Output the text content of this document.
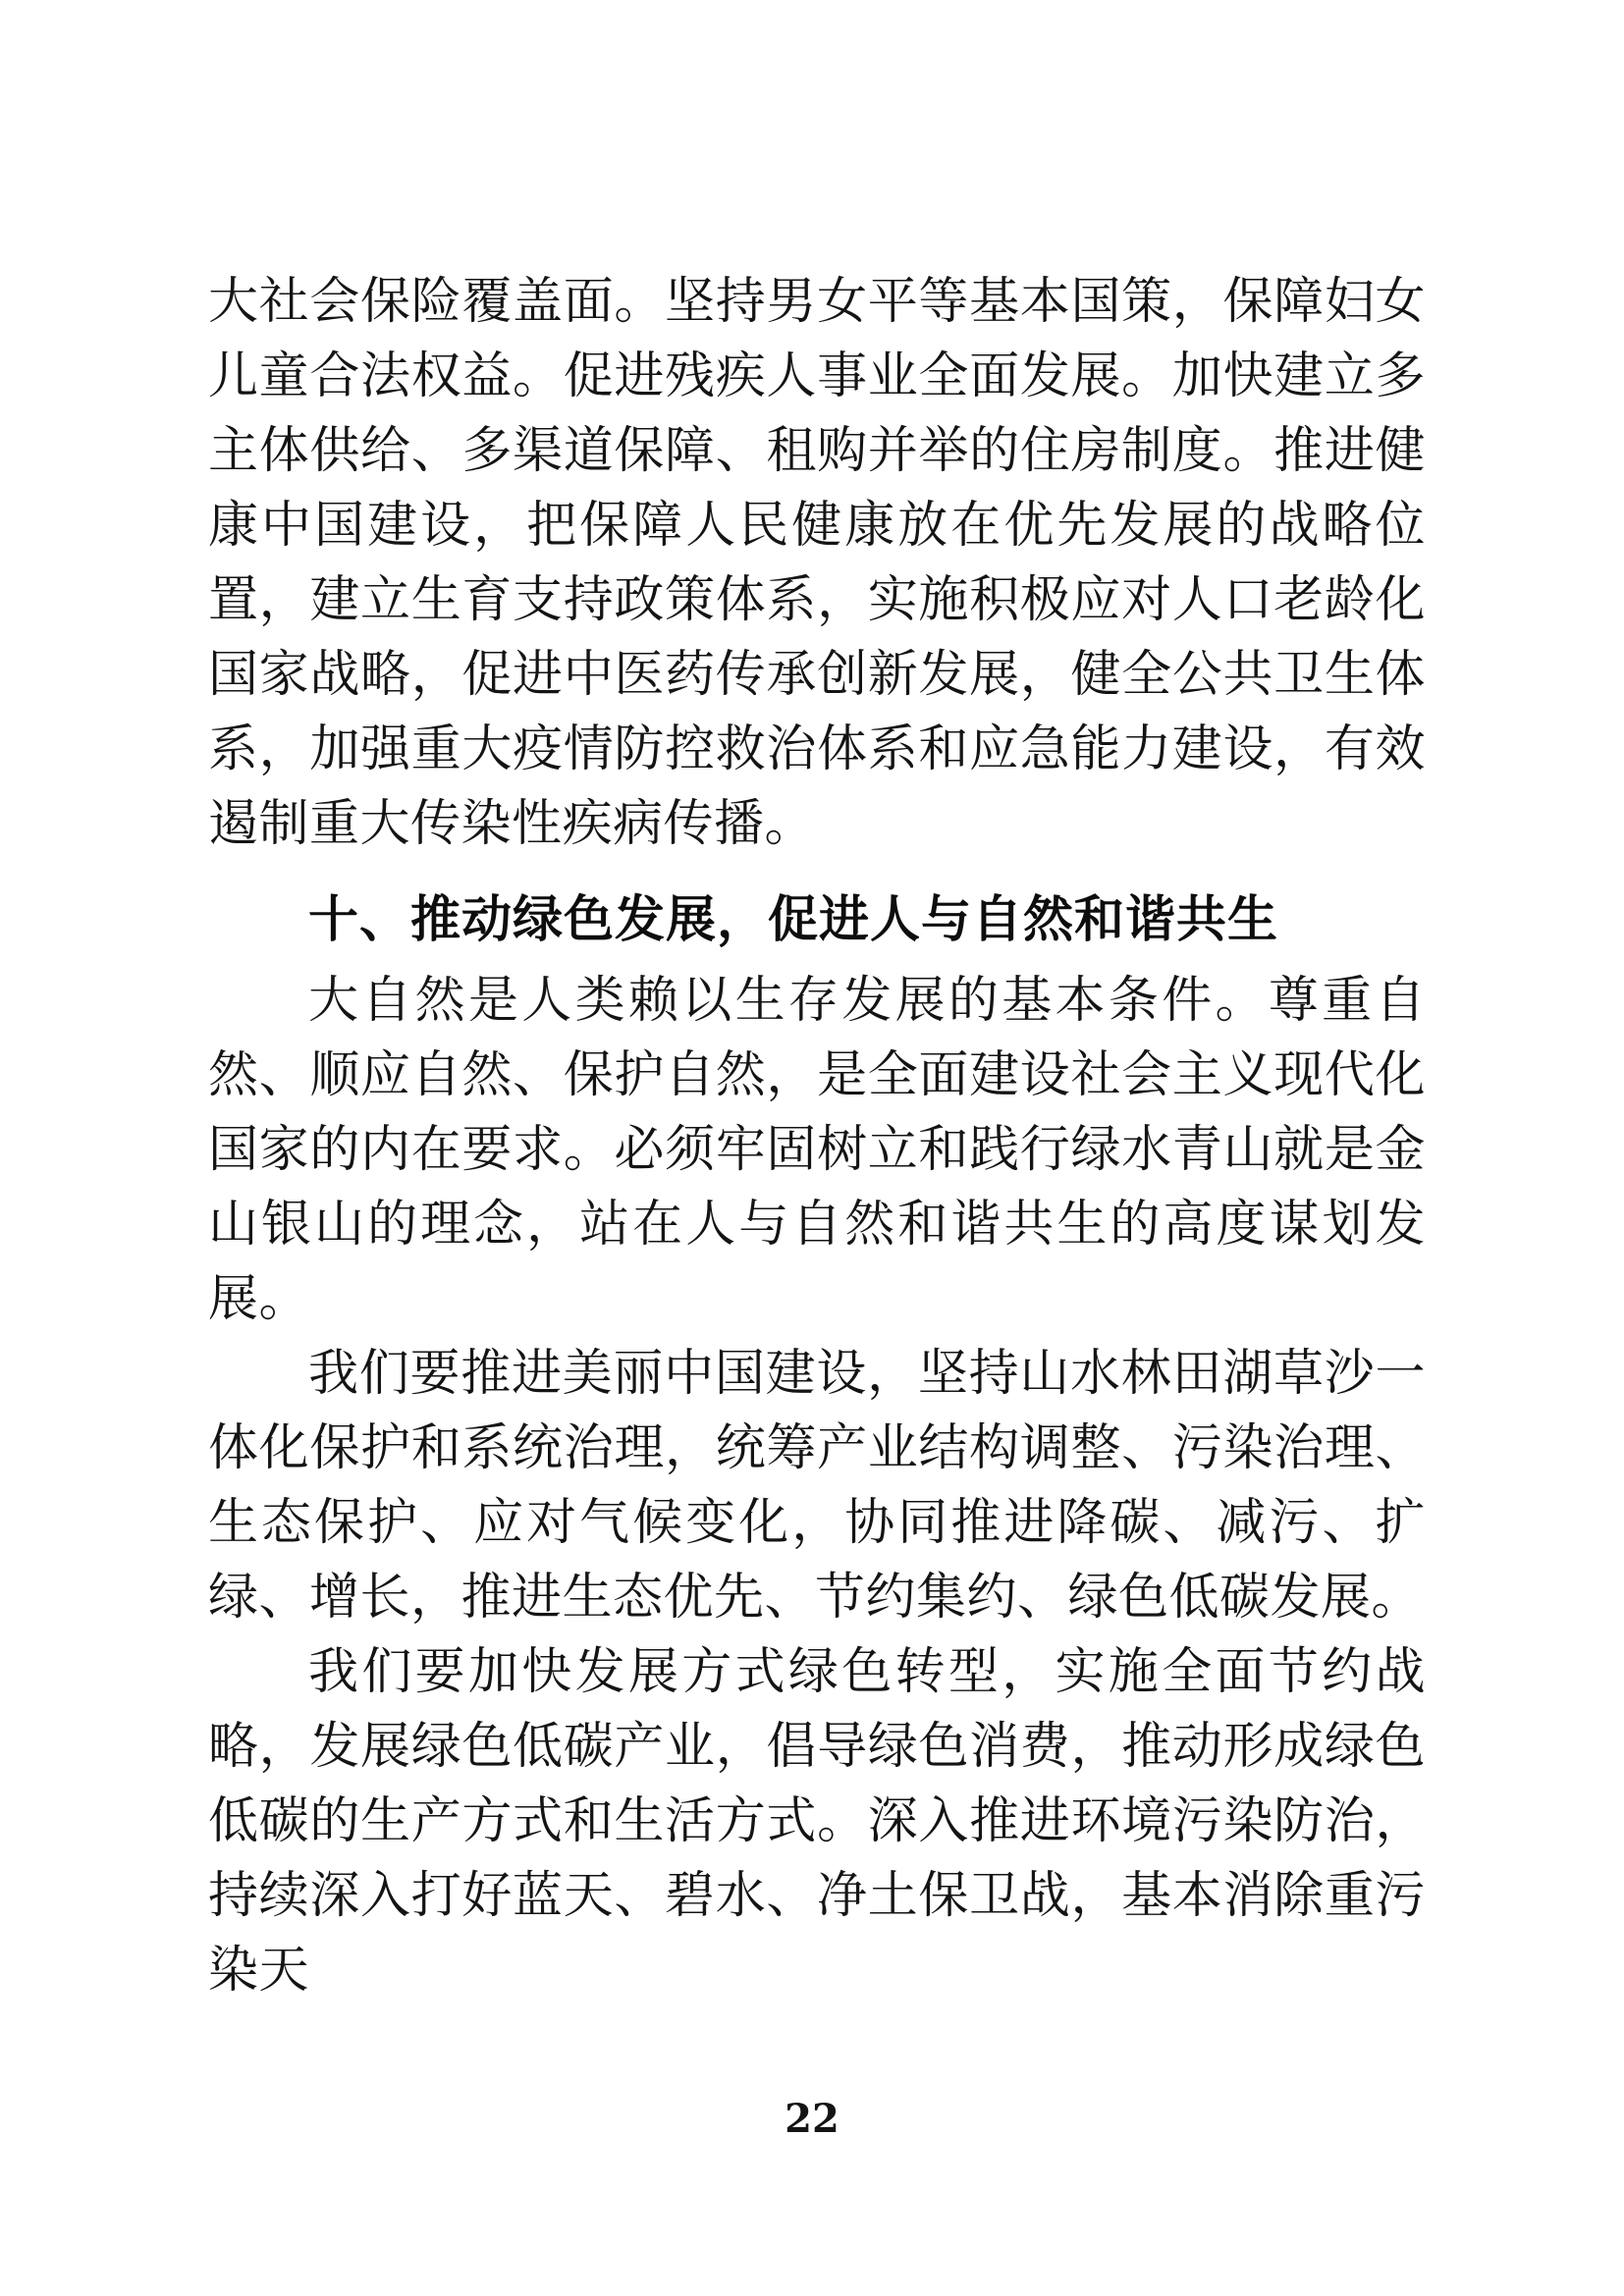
大社会保险覆盖面。坚持男女平等基本国策，保障妇女儿童合法权益。促进残疾人事业全面发展。加快建立多主体供给、多渠道保障、租购并举的住房制度。推进健康中国建设，把保障人民健康放在优先发展的战略位置，建立生育支持政策体系，实施积极应对人口老龄化国家战略，促进中医药传承创新发展，健全公共卫生体系，加强重大疫情防控救治体系和应急能力建设，有效遏制重大传染性疾病传播。

十、推动绿色发展，促进人与自然和谐共生

大自然是人类赖以生存发展的基本条件。尊重自然、顺应自然、保护自然，是全面建设社会主义现代化国家的内在要求。必须牢固树立和践行绿水青山就是金山银山的理念，站在人与自然和谐共生的高度谋划发展。

我们要推进美丽中国建设，坚持山水林田湖草沙一体化保护和系统治理，统筹产业结构调整、污染治理、生态保护、应对气候变化，协同推进降碳、减污、扩绿、增长，推进生态优先、节约集约、绿色低碳发展。

我们要加快发展方式绿色转型，实施全面节约战略，发展绿色低碳产业，倡导绿色消费，推动形成绿色低碳的生产方式和生活方式。深入推进环境污染防治，持续深入打好蓝天、碧水、净土保卫战，基本消除重污染天

22
